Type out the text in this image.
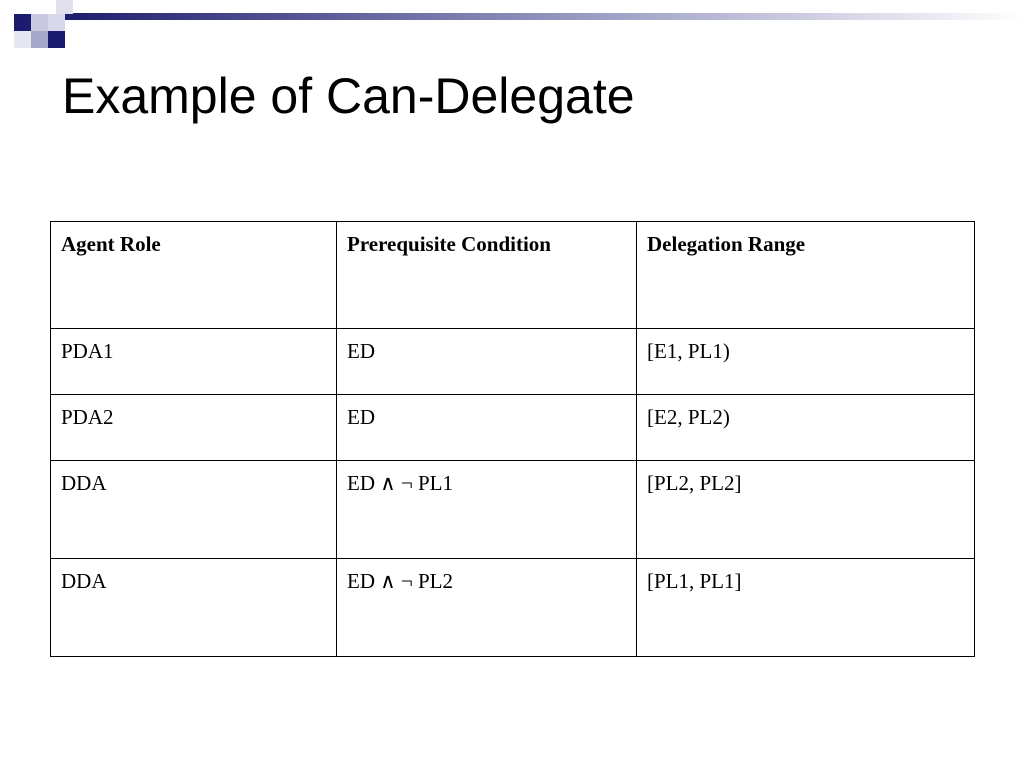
Example of Can-Delegate
Agent Role	Prerequisite Condition	Delegation Range
PDA1	ED	[E1, PL1)
PDA2	ED	[E2, PL2)
DDA	ED ∧ ¬ PL1	[PL2, PL2]
DDA	ED ∧ ¬ PL2	[PL1, PL1]
